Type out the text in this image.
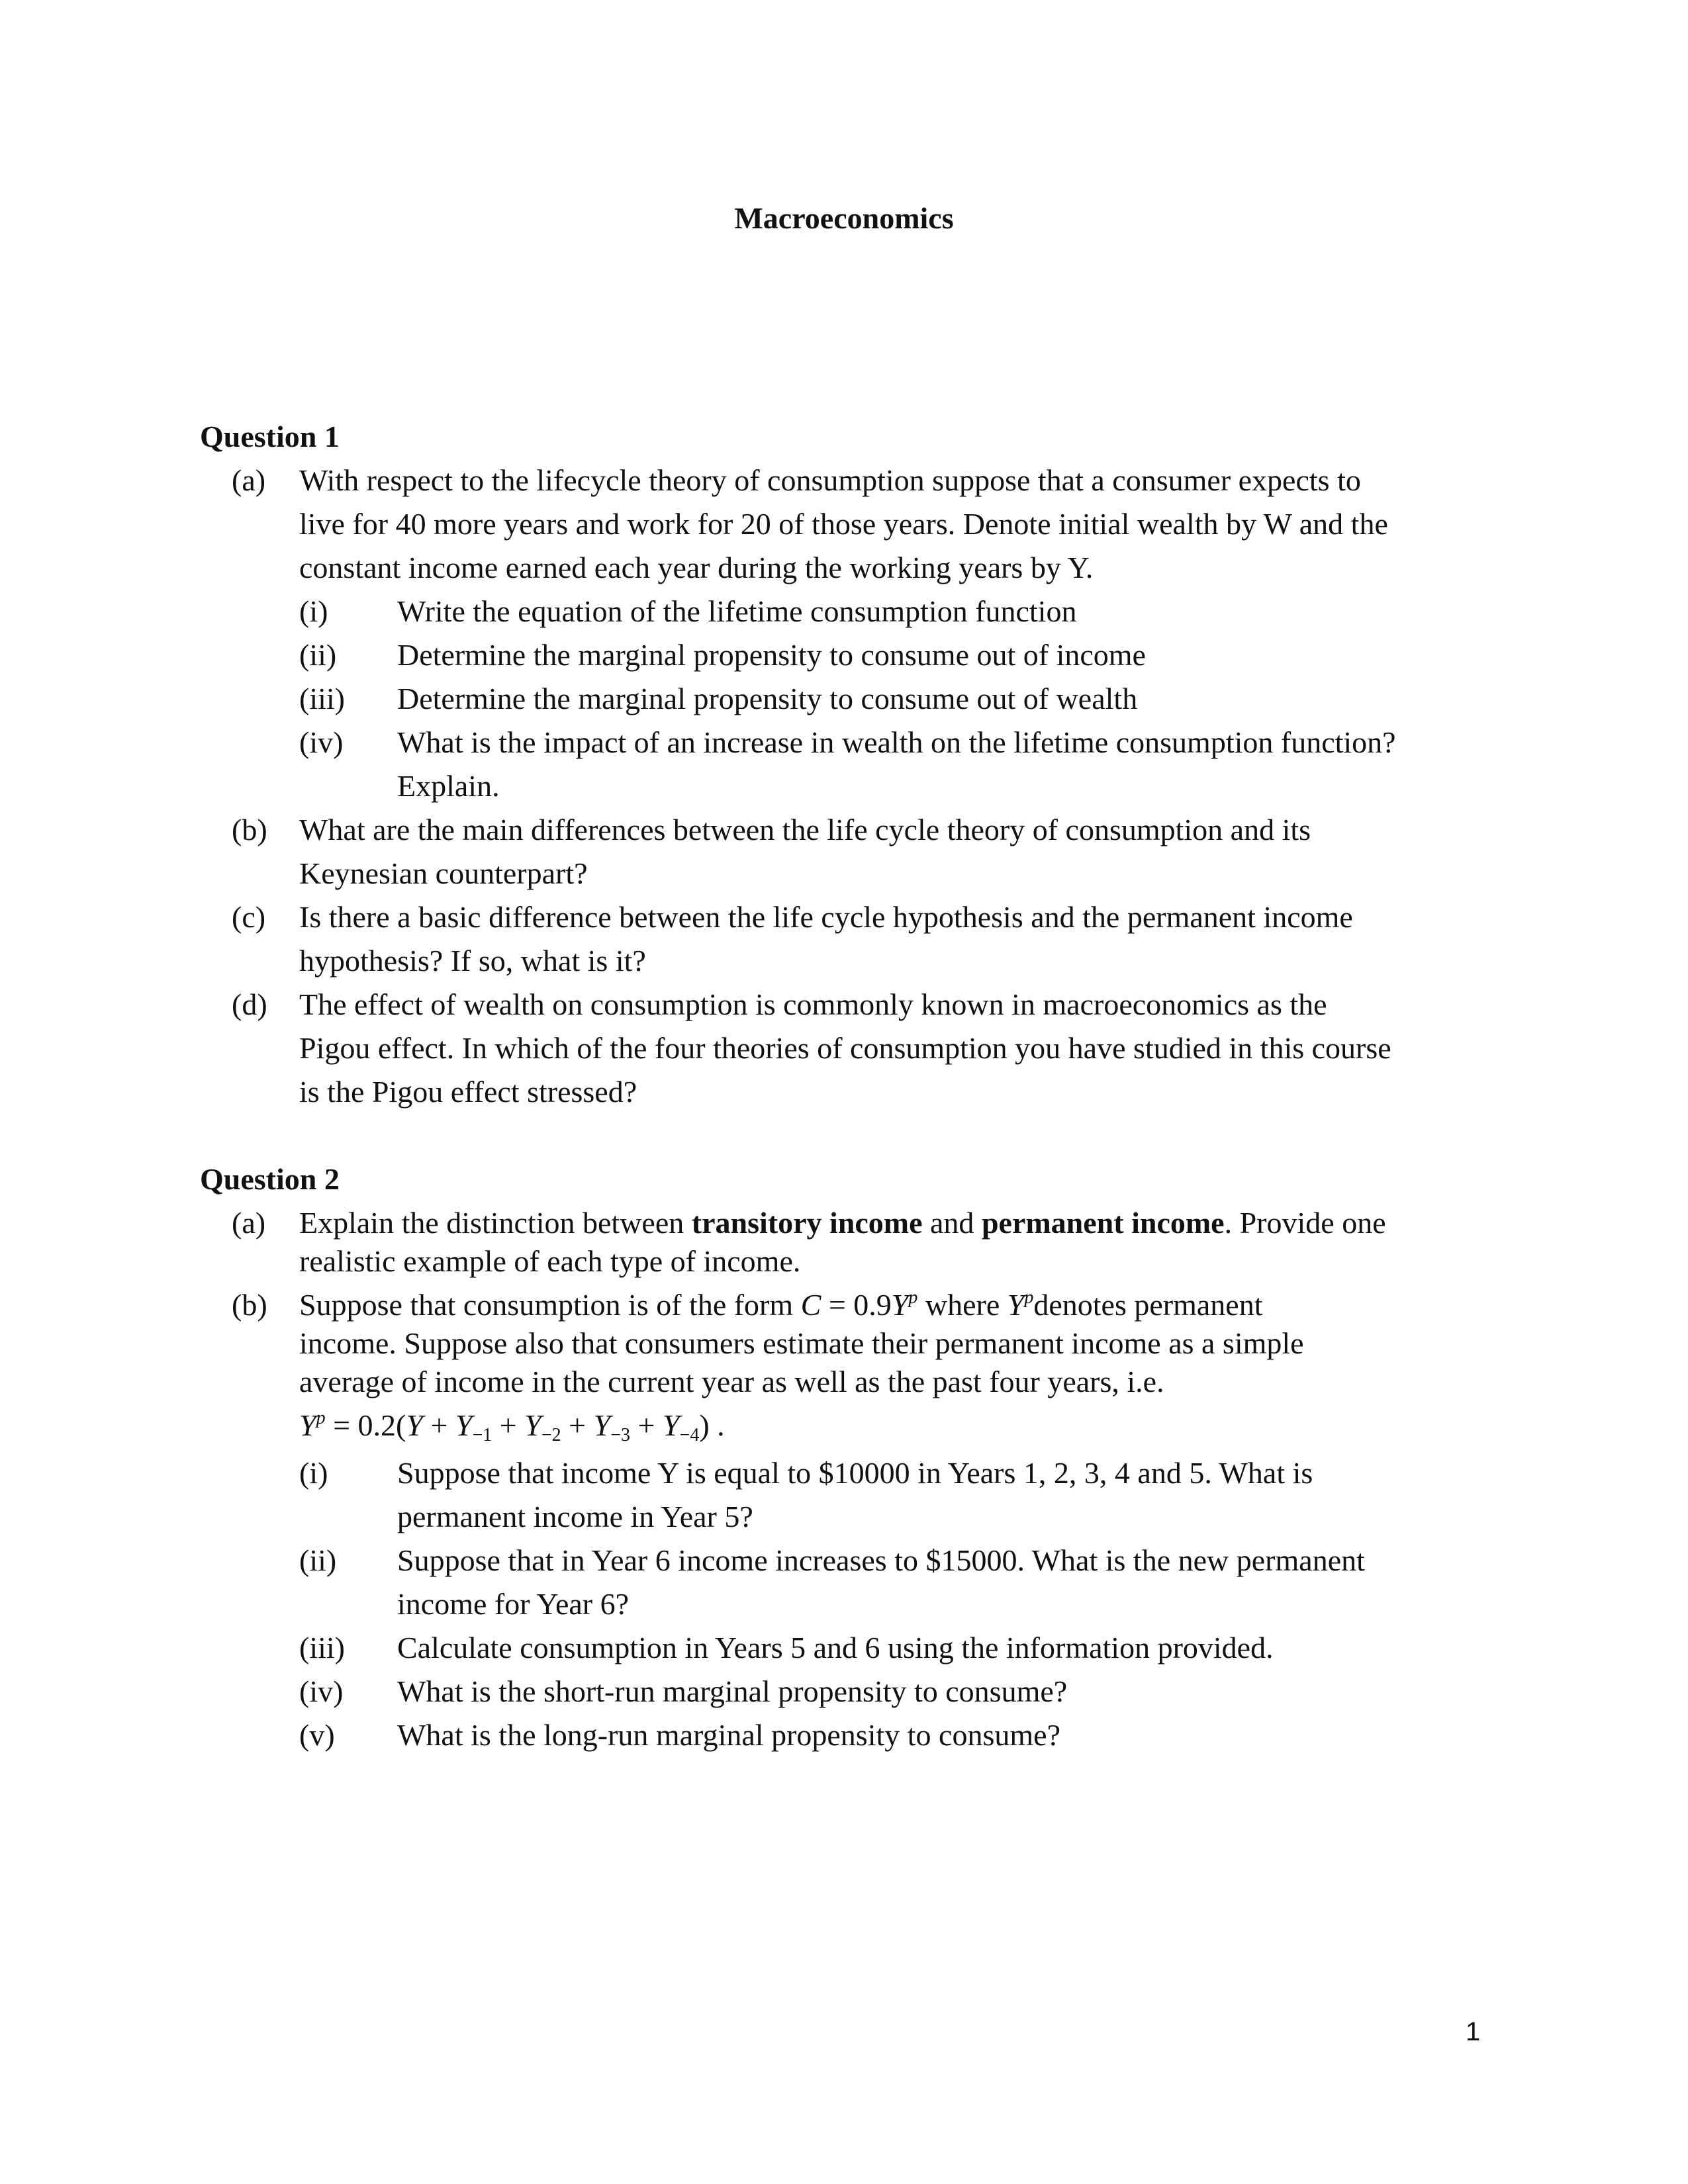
Macroeconomics
Question 1
(a) With respect to the lifecycle theory of consumption suppose that a consumer expects to
live for 40 more years and work for 20 of those years. Denote initial wealth by W and the
constant income earned each year during the working years by Y.
(i) Write the equation of the lifetime consumption function
(ii) Determine the marginal propensity to consume out of income
(iii) Determine the marginal propensity to consume out of wealth
(iv) What is the impact of an increase in wealth on the lifetime consumption function?
Explain.
(b) What are the main differences between the life cycle theory of consumption and its
Keynesian counterpart?
(c) Is there a basic difference between the life cycle hypothesis and the permanent income
hypothesis? If so, what is it?
(d) The effect of wealth on consumption is commonly known in macroeconomics as the
Pigou effect. In which of the four theories of consumption you have studied in this course
is the Pigou effect stressed?
Question 2
(a) Explain the distinction between transitory income and permanent income. Provide one
realistic example of each type of income.
(b) Suppose that consumption is of the form $C = 0.9Y^p$ where $Y^pdenotes$ permanent
income. Suppose also that consumers estimate their permanent income as a simple
average of income in the current year as well as the past four years, i.e.
$Y^p = 0.2(Y + Y_{-1} + Y_{-2} + Y_{-3} + Y_{-4})$ .
(i) Suppose that income Y is equal to $10000 in Years 1, 2, 3, 4 and 5. What is
permanent income in Year 5?
(ii) Suppose that in Year 6 income increases to $15000. What is the new permanent
income for Year 6?
(iii) Calculate consumption in Years 5 and 6 using the information provided.
(iv) What is the short-run marginal propensity to consume?
(v) What is the long-run marginal propensity to consume?
1
